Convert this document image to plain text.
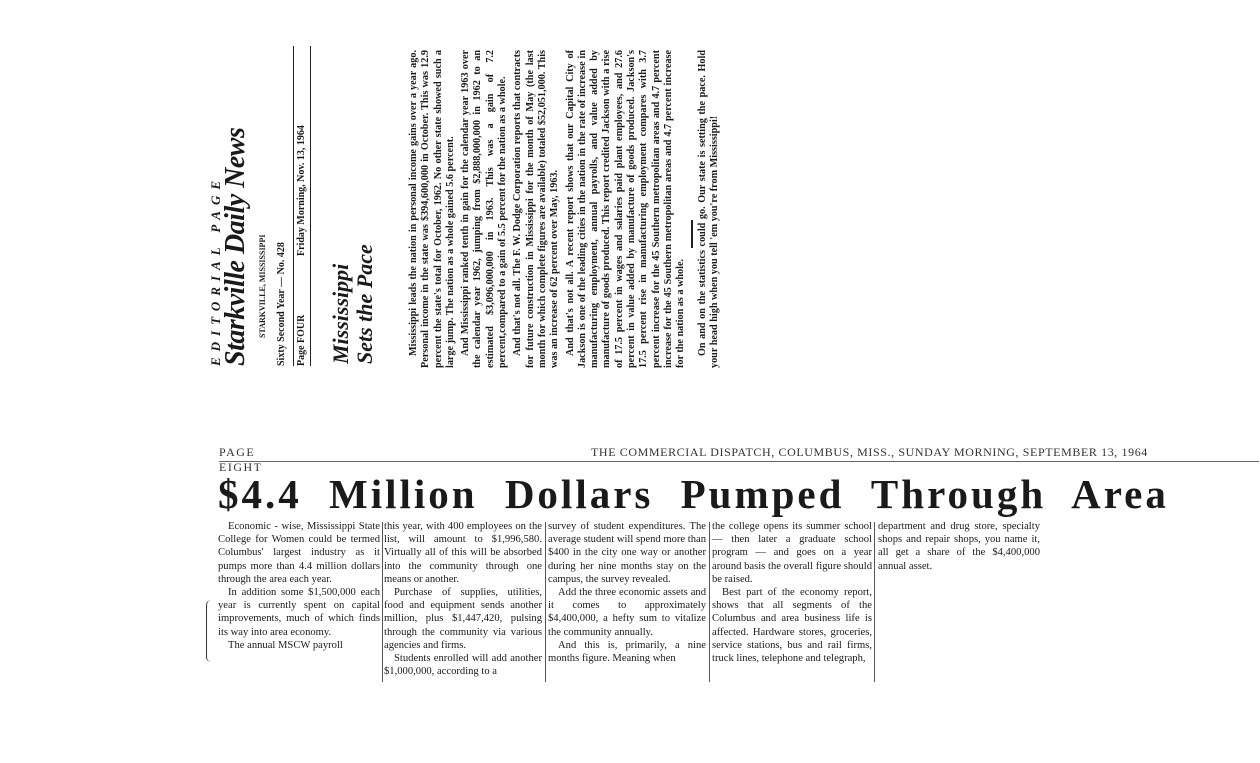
EDITORIAL PAGE
Starkville Daily News STARKVILLE, MISSISSIPPI Sixty Second Year — No. 428 Page FOUR
Friday Morning, Nov. 13, 1964
Mississippi Sets the Pace	Mississippi leads the nation in personal income gains over a year ago. Personal income in the state was $394,600,000 in October. This was 12.9 percent the state's total for October, 1962. No other state showed such a large jump. The nation as a whole gained 5.6 percent. And Mississippi ranked tenth in gain for the calendar year 1963 over the calendar year 1962, jumping from $2,888,000,000 in 1962 to an estimated $3,096,000,000 in 1963. This was a gain of 7.2 percent,compared to a gain of 5.5 percent for the nation as a whole. And that's not all. The F. W. Dodge Corporation reports that contracts for future construction in Mississippi for the month of May (the last month for which complete figures are available) totaled $52,051,000. This was an increase of 62 percent over May, 1963. And that's not all. A recent report shows that our Capital City of Jackson is one of the leading cities in the nation in the rate of increase in manufacturing employment, annual payrolls, and value added by manufacture of goods produced. This report credited Jackson with a rise of 17.5 percent in wages and salaries paid plant employees, and 27.6 percent in value added by manufacture of goods produced. Jackson's 17.5 percent rise in manufacturing employment compares with 3.7 percent increase for the 45 Southern metropolitan areas and 4.7 percent increase for the 45 Southern metropolitan areas and 4.7 percent increase for the nation as a whole. On and on the statistics could go. Our state is setting the pace. Hold your head high when you tell 'em you're from Mississippi!

PAGE EIGHT
THE COMMERCIAL DISPATCH, COLUMBUS, MISS., SUNDAY MORNING, SEPTEMBER 13, 1964
$4.4 Million Dollars Pumped Through Area

Economic - wise, Mississippi State College for Women could be termed Columbus' largest industry as it pumps more than 4.4 million dollars through the area each year.

In addition some $1,500,000 each year is currently spent on capital improvements, much of which finds its way into area economy.

The annual MSCW payroll

this year, with 400 employees on the list, will amount to $1,996,580. Virtually all of this will be absorbed into the community through one means or another.

Purchase of supplies, utilities, food and equipment sends another million, plus $1,447,420, pulsing through the community via various agencies and firms.

Students enrolled will add another $1,000,000, according to a

survey of student expenditures. The average student will spend more than $400 in the city one way or another during her nine months stay on the campus, the survey revealed.

Add the three economic assets and it comes to approximately $4,400,000, a hefty sum to vitalize the community annually.

And this is, primarily, a nine months figure. Meaning when

the college opens its summer school — then later a graduate school program — and goes on a year around basis the overall figure should be raised.

Best part of the economy report, shows that all segments of the Columbus and area business life is affected. Hardware stores, groceries, service stations, bus and rail firms, truck lines, telephone and telegraph,

department and drug store, specialty shops and repair shops, you name it, all get a share of the $4,400,000 annual asset.
